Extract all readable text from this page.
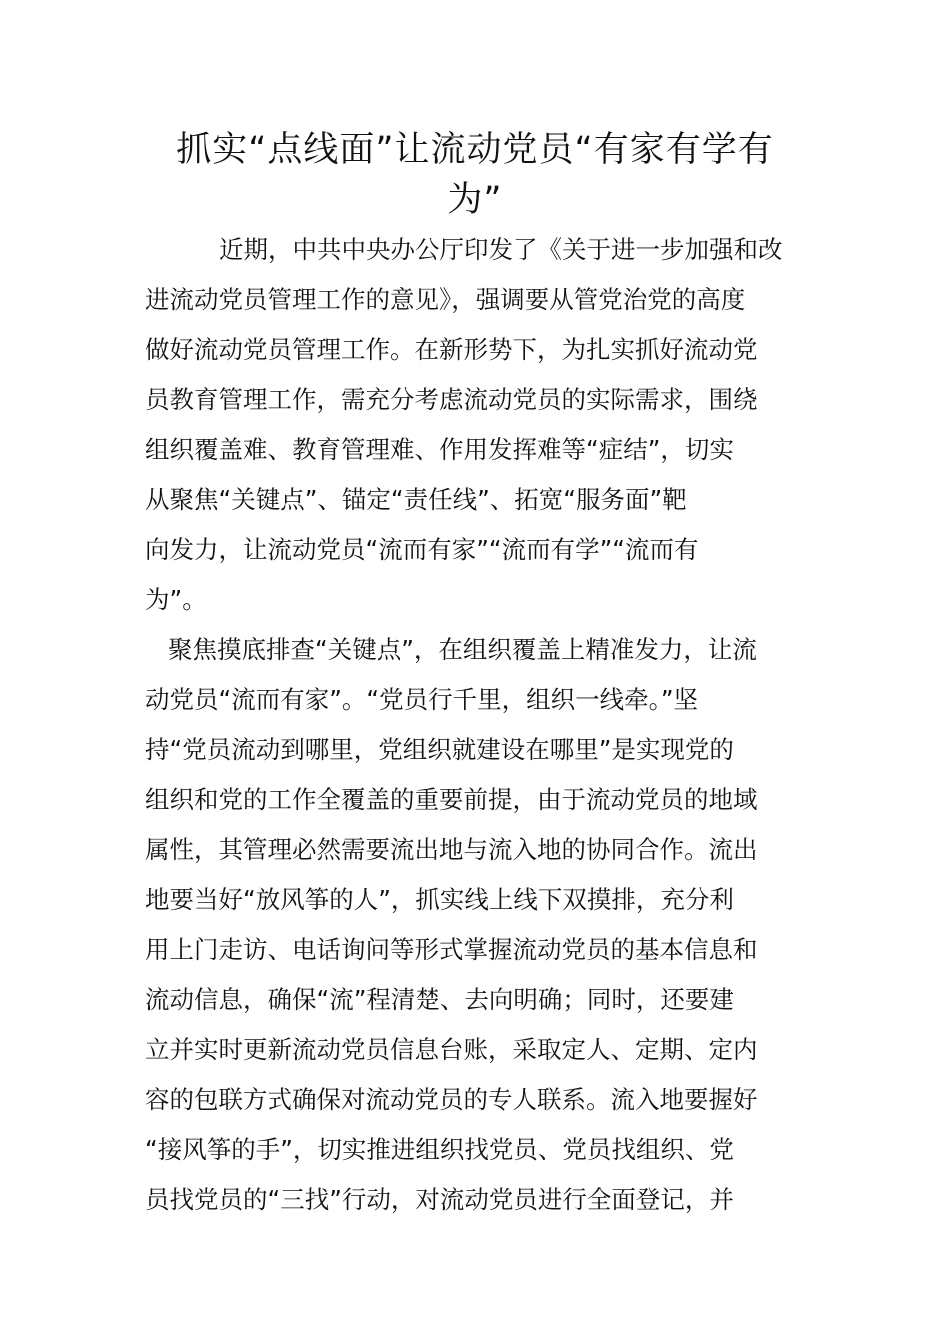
抓实“点线面”让流动党员“有家有学有
为”

近期，中共中央办公厅印发了《关于进一步加强和改

进流动党员管理工作的意见》，强调要从管党治党的高度

做好流动党员管理工作。在新形势下，为扎实抓好流动党

员教育管理工作，需充分考虑流动党员的实际需求，围绕

组织覆盖难、教育管理难、作用发挥难等“症结”，切实

从聚焦“关键点”、锚定“责任线”、拓宽“服务面”靶

向发力，让流动党员“流而有家”“流而有学”“流而有

为”。

聚焦摸底排查“关键点”，在组织覆盖上精准发力，让流

动党员“流而有家”。“党员行千里，组织一线牵。”坚

持“党员流动到哪里，党组织就建设在哪里”是实现党的

组织和党的工作全覆盖的重要前提，由于流动党员的地域

属性，其管理必然需要流出地与流入地的协同合作。流出

地要当好“放风筝的人”，抓实线上线下双摸排，充分利

用上门走访、电话询问等形式掌握流动党员的基本信息和

流动信息，确保“流”程清楚、去向明确；同时，还要建

立并实时更新流动党员信息台账，采取定人、定期、定内

容的包联方式确保对流动党员的专人联系。流入地要握好

“接风筝的手”，切实推进组织找党员、党员找组织、党

员找党员的“三找”行动，对流动党员进行全面登记，并
